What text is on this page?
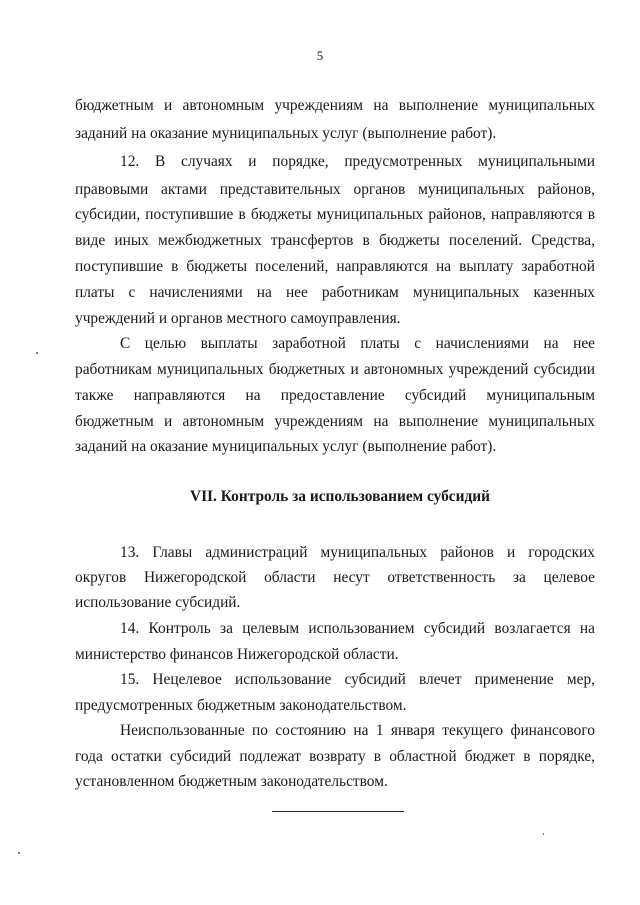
5
бюджетным и автономным учреждениям на выполнение муниципальных
заданий на оказание муниципальных услуг (выполнение работ).
12. В случаях и порядке, предусмотренных муниципальными
правовыми актами представительных органов муниципальных районов,
субсидии, поступившие в бюджеты муниципальных районов, направляются в
виде иных межбюджетных трансфертов в бюджеты поселений. Средства,
поступившие в бюджеты поселений, направляются на выплату заработной
платы с начислениями на нее работникам муниципальных казенных
учреждений и органов местного самоуправления.
С целью выплаты заработной платы с начислениями на нее
работникам муниципальных бюджетных и автономных учреждений субсидии
также направляются на предоставление субсидий муниципальным
бюджетным и автономным учреждениям на выполнение муниципальных
заданий на оказание муниципальных услуг (выполнение работ).
VII. Контроль за использованием субсидий
13. Главы администраций муниципальных районов и городских
округов Нижегородской области несут ответственность за целевое
использование субсидий.
14. Контроль за целевым использованием субсидий возлагается на
министерство финансов Нижегородской области.
15. Нецелевое использование субсидий влечет применение мер,
предусмотренных бюджетным законодательством.
Неиспользованные по состоянию на 1 января текущего финансового
года остатки субсидий подлежат возврату в областной бюджет в порядке,
установленном бюджетным законодательством.
